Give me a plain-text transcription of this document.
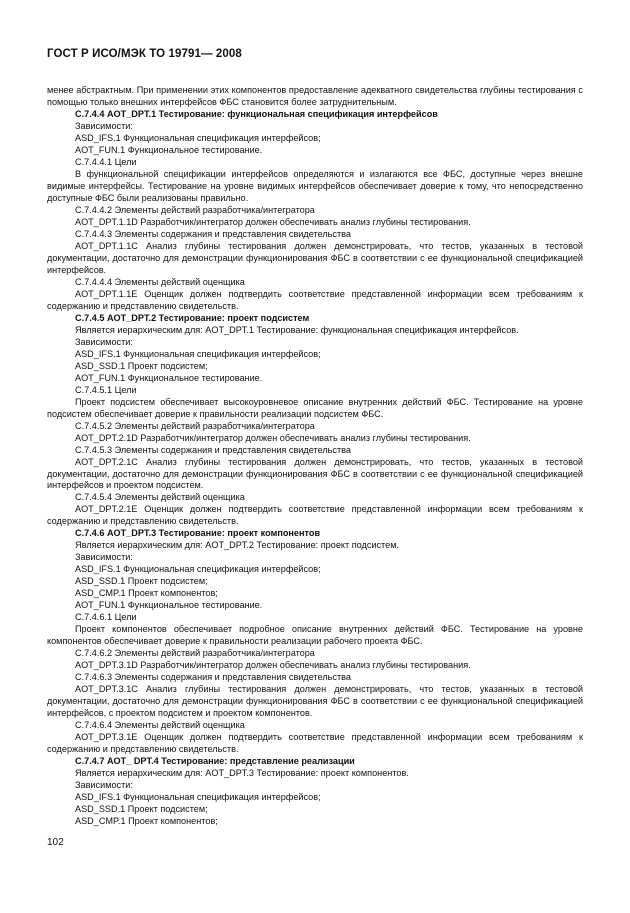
ГОСТ Р ИСО/МЭК ТО 19791— 2008

менее абстрактным. При применении этих компонентов предоставление адекватного свидетельства глубины тестирования с помощью только внешних интерфейсов ФБС становится более затруднительным.

С.7.4.4 AOT_DPT.1 Тестирование: функциональная спецификация интерфейсов

Зависимости:

ASD_IFS.1 Функциональная спецификация интерфейсов;

AOT_FUN.1 Функциональное тестирование.

С.7.4.4.1 Цели

В функциональной спецификации интерфейсов определяются и излагаются все ФБС, доступные через внешне видимые интерфейсы. Тестирование на уровне видимых интерфейсов обеспечивает доверие к тому, что непосредственно доступные ФБС были реализованы правильно.

С.7.4.4.2 Элементы действий разработчика/интегратора

AOT_DPT.1.1D Разработчик/интегратор должен обеспечивать анализ глубины тестирования.

С.7.4.4.3 Элементы содержания и представления свидетельства

AOT_DPT.1.1C Анализ глубины тестирования должен демонстрировать, что тестов, указанных в тестовой документации, достаточно для демонстрации функционирования ФБС в соответствии с ее функциональной спецификацией интерфейсов.

С.7.4.4.4 Элементы действий оценщика

AOT_DPT.1.1E Оценщик должен подтвердить соответствие представленной информации всем требованиям к содержанию и представлению свидетельств.

С.7.4.5 AOT_DPT.2 Тестирование: проект подсистем

Является иерархическим для: AOT_DPT.1 Тестирование: функциональная спецификация интерфейсов.

Зависимости:

ASD_IFS.1 Функциональная спецификация интерфейсов;

ASD_SSD.1 Проект подсистем;

AOT_FUN.1 Функциональное тестирование.

С.7.4.5.1 Цели

Проект подсистем обеспечивает высокоуровневое описание внутренних действий ФБС. Тестирование на уровне подсистем обеспечивает доверие к правильности реализации подсистем ФБС.

С.7.4.5.2 Элементы действий разработчика/интегратора

AOT_DPT.2.1D Разработчик/интегратор должен обеспечивать анализ глубины тестирования.

С.7.4.5.3 Элементы содержания и представления свидетельства

AOT_DPT.2.1C Анализ глубины тестирования должен демонстрировать, что тестов, указанных в тестовой документации, достаточно для демонстрации функционирования ФБС в соответствии с ее функциональной спецификацией интерфейсов и проектом подсистем.

С.7.4.5.4 Элементы действий оценщика

AOT_DPT.2.1E Оценщик должен подтвердить соответствие представленной информации всем требованиям к содержанию и представлению свидетельств.

С.7.4.6 AOT_DPT.3 Тестирование: проект компонентов

Является иерархическим для: AOT_DPT.2 Тестирование: проект подсистем.

Зависимости:

ASD_IFS.1 Функциональная спецификация интерфейсов;

ASD_SSD.1 Проект подсистем;

ASD_CMP.1 Проект компонентов;

AOT_FUN.1 Функциональное тестирование.

С.7.4.6.1 Цели

Проект компонентов обеспечивает подробное описание внутренних действий ФБС. Тестирование на уровне компонентов обеспечивает доверие к правильности реализации рабочего проекта ФБС.

С.7.4.6.2 Элементы действий разработчика/интегратора

AOT_DPT.3.1D Разработчик/интегратор должен обеспечивать анализ глубины тестирования.

С.7.4.6.3 Элементы содержания и представления свидетельства

AOT_DPT.3.1C Анализ глубины тестирования должен демонстрировать, что тестов, указанных в тестовой документации, достаточно для демонстрации функционирования ФБС в соответствии с ее функциональной спецификацией интерфейсов, с проектом подсистем и проектом компонентов.

С.7.4.6.4 Элементы действий оценщика

AOT_DPT.3.1E Оценщик должен подтвердить соответствие представленной информации всем требованиям к содержанию и представлению свидетельств.

С.7.4.7 AOT_ DPT.4 Тестирование: представление реализации

Является иерархическим для: AOT_DPT.3 Тестирование: проект компонентов.

Зависимости:

ASD_IFS.1 Функциональная спецификация интерфейсов;

ASD_SSD.1 Проект подсистем;

ASD_CMP.1 Проект компонентов;

102
